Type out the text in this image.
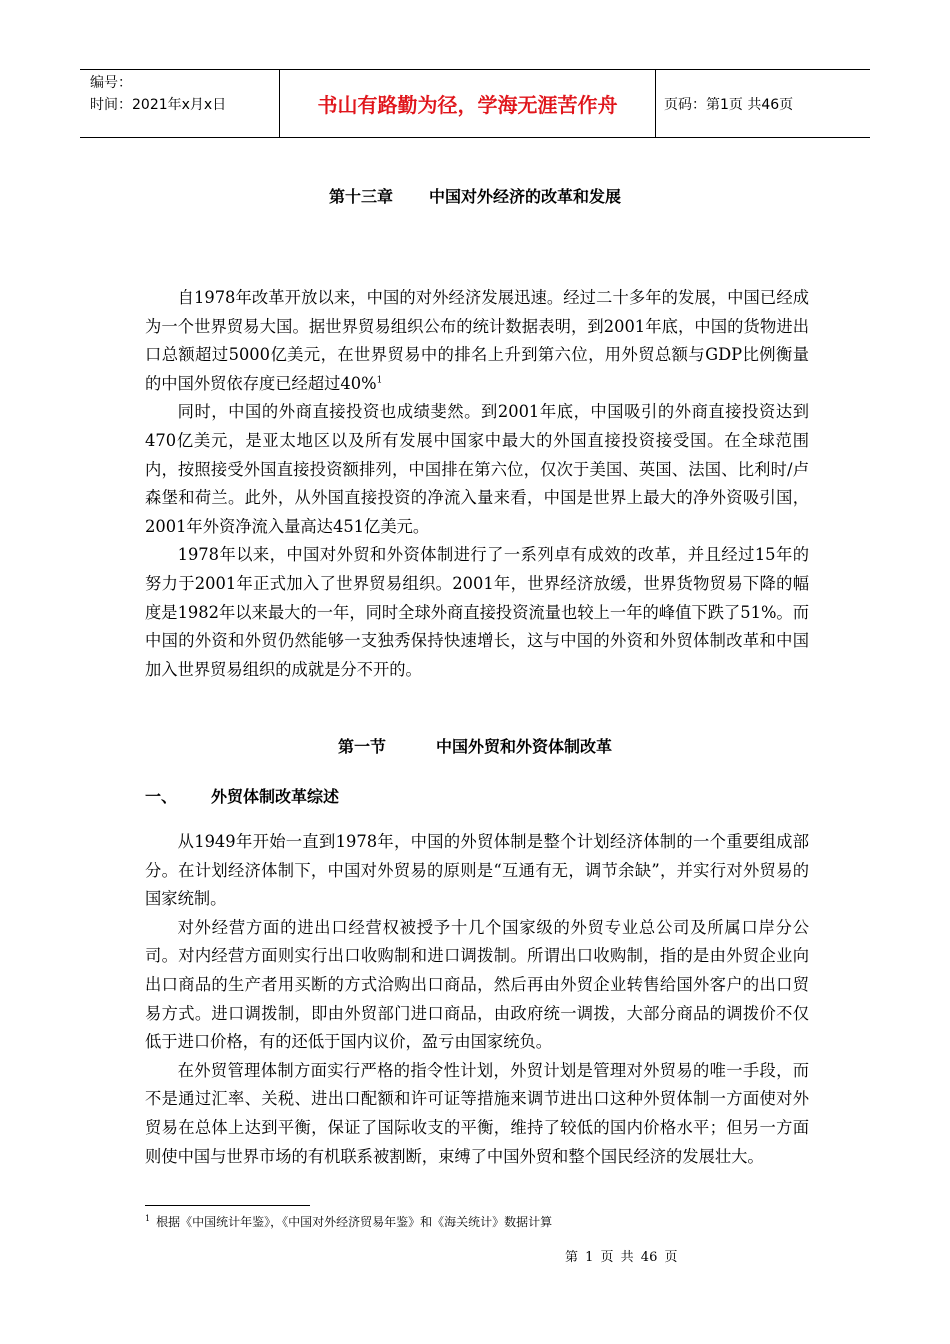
编号：
时间：2021年x月x日	书山有路勤为径，学海无涯苦作舟	页码：第1页 共46页
第十三章 中国对外经济的改革和发展

自1978年改革开放以来，中国的对外经济发展迅速。经过二十多年的发展，中国已经成为一个世界贸易大国。据世界贸易组织公布的统计数据表明，到2001年底，中国的货物进出口总额超过5000亿美元，在世界贸易中的排名上升到第六位，用外贸总额与GDP比例衡量的中国外贸依存度已经超过40%$^1$

同时，中国的外商直接投资也成绩斐然。到2001年底，中国吸引的外商直接投资达到470亿美元，是亚太地区以及所有发展中国家中最大的外国直接投资接受国。在全球范围内，按照接受外国直接投资额排列，中国排在第六位，仅次于美国、英国、法国、比利时/卢森堡和荷兰。此外，从外国直接投资的净流入量来看，中国是世界上最大的净外资吸引国，2001年外资净流入量高达451亿美元。

1978年以来，中国对外贸和外资体制进行了一系列卓有成效的改革，并且经过15年的努力于2001年正式加入了世界贸易组织。2001年，世界经济放缓，世界货物贸易下降的幅度是1982年以来最大的一年，同时全球外商直接投资流量也较上一年的峰值下跌了51%。而中国的外资和外贸仍然能够一支独秀保持快速增长，这与中国的外资和外贸体制改革和中国加入世界贸易组织的成就是分不开的。

第一节	中国外贸和外资体制改革
一、 外贸体制改革综述

从1949年开始一直到1978年，中国的外贸体制是整个计划经济体制的一个重要组成部分。在计划经济体制下，中国对外贸易的原则是“互通有无，调节余缺”，并实行对外贸易的国家统制。

对外经营方面的进出口经营权被授予十几个国家级的外贸专业总公司及所属口岸分公司。对内经营方面则实行出口收购制和进口调拨制。所谓出口收购制，指的是由外贸企业向出口商品的生产者用买断的方式洽购出口商品，然后再由外贸企业转售给国外客户的出口贸易方式。进口调拨制，即由外贸部门进口商品，由政府统一调拨，大部分商品的调拨价不仅低于进口价格，有的还低于国内议价，盈亏由国家统负。

在外贸管理体制方面实行严格的指令性计划，外贸计划是管理对外贸易的唯一手段，而不是通过汇率、关税、进出口配额和许可证等措施来调节进出口这种外贸体制一方面使对外贸易在总体上达到平衡，保证了国际收支的平衡，维持了较低的国内价格水平；但另一方面则使中国与世界市场的有机联系被割断，束缚了中国外贸和整个国民经济的发展壮大。

$^1$ 根据《中国统计年鉴》，《中国对外经济贸易年鉴》和《海关统计》数据计算
第 1 页 共 46 页
